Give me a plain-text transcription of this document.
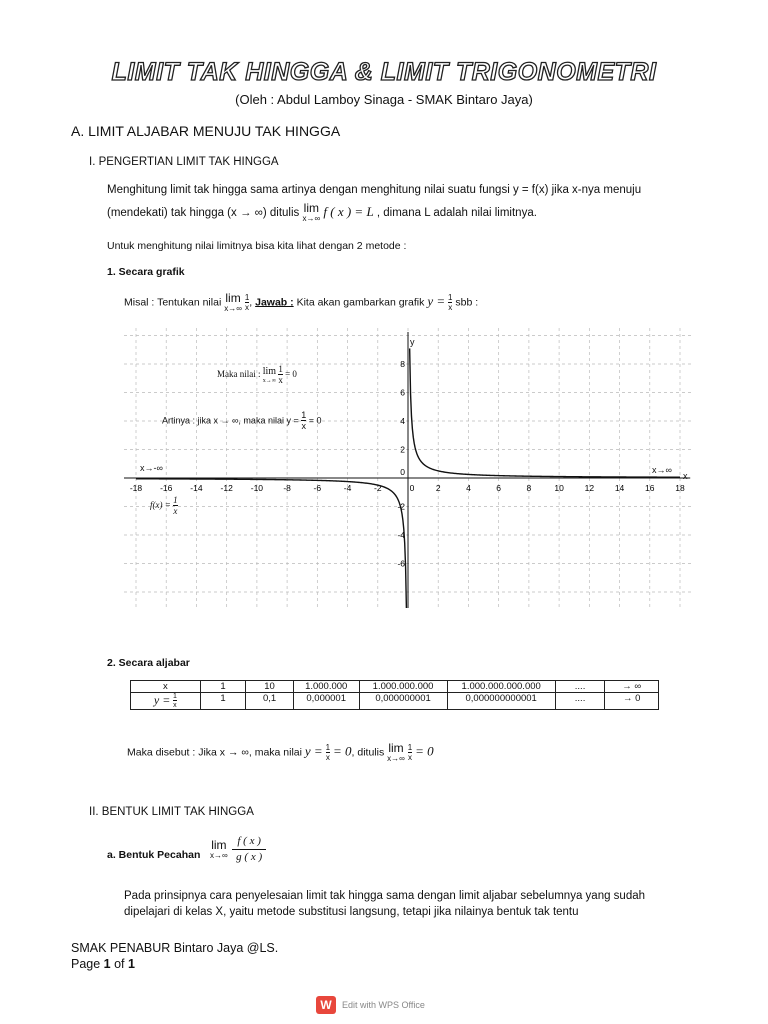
LIMIT TAK HINGGA & LIMIT TRIGONOMETRI
(Oleh : Abdul Lamboy Sinaga - SMAK Bintaro Jaya)
A. LIMIT ALJABAR MENUJU TAK HINGGA
I. PENGERTIAN LIMIT TAK HINGGA
Menghitung limit tak hingga sama artinya dengan menghitung nilai suatu fungsi y = f(x) jika x-nya menuju
(mendekati) tak hingga (x → ∞) ditulis lim
x→∞ f ( x ) = L , dimana L adalah nilai limitnya.
Untuk menghitung nilai limitnya bisa kita lihat dengan 2 metode :
1. Secara grafik
Misal : Tentukan nilai lim
x→∞
$\frac{1}{x}$ , Jawab : Kita akan gambarkan grafik $y = \frac{1}{x}$ sbb :
-18 -16 -14 -12 -10 -8	-6	-4	-2	0	2	4	6	8	10 12 14 16 18
8
6
4
2
-2
-4
-6
0
Maka nilai : lim
x→∞
$\frac{1}{x} = 0$
Artinya : jika x → ∞, maka nilai $y = \frac{1}{x} = 0$
x→-∞	x→∞
$f(x) = \frac{1}{x}$
x
y
2. Secara aljabar
x	1	10	1.000.000	1.000.000.000	1.000.000.000.000	....	→ ∞
$y = \frac{1}{x}$	1	0,1	0,000001	0,000000001	0,000000000001	....	→ 0
Maka disebut : Jika x → ∞, maka nilai $y = \frac{1}{x} = 0$, ditulis lim
x→∞
$\frac{1}{x} = 0$
II. BENTUK LIMIT TAK HINGGA
a. Bentuk Pecahan
lim
x→∞
$\frac{f ( x )}{g ( x )}$
Pada prinsipnya cara penyelesaian limit tak hingga sama dengan limit aljabar sebelumnya yang sudah
dipelajari di kelas X, yaitu metode substitusi langsung, tetapi jika nilainya bentuk tak tentu
SMAK PENABUR Bintaro Jaya @LS.
Page 1 of 1
W	Edit with WPS Office
